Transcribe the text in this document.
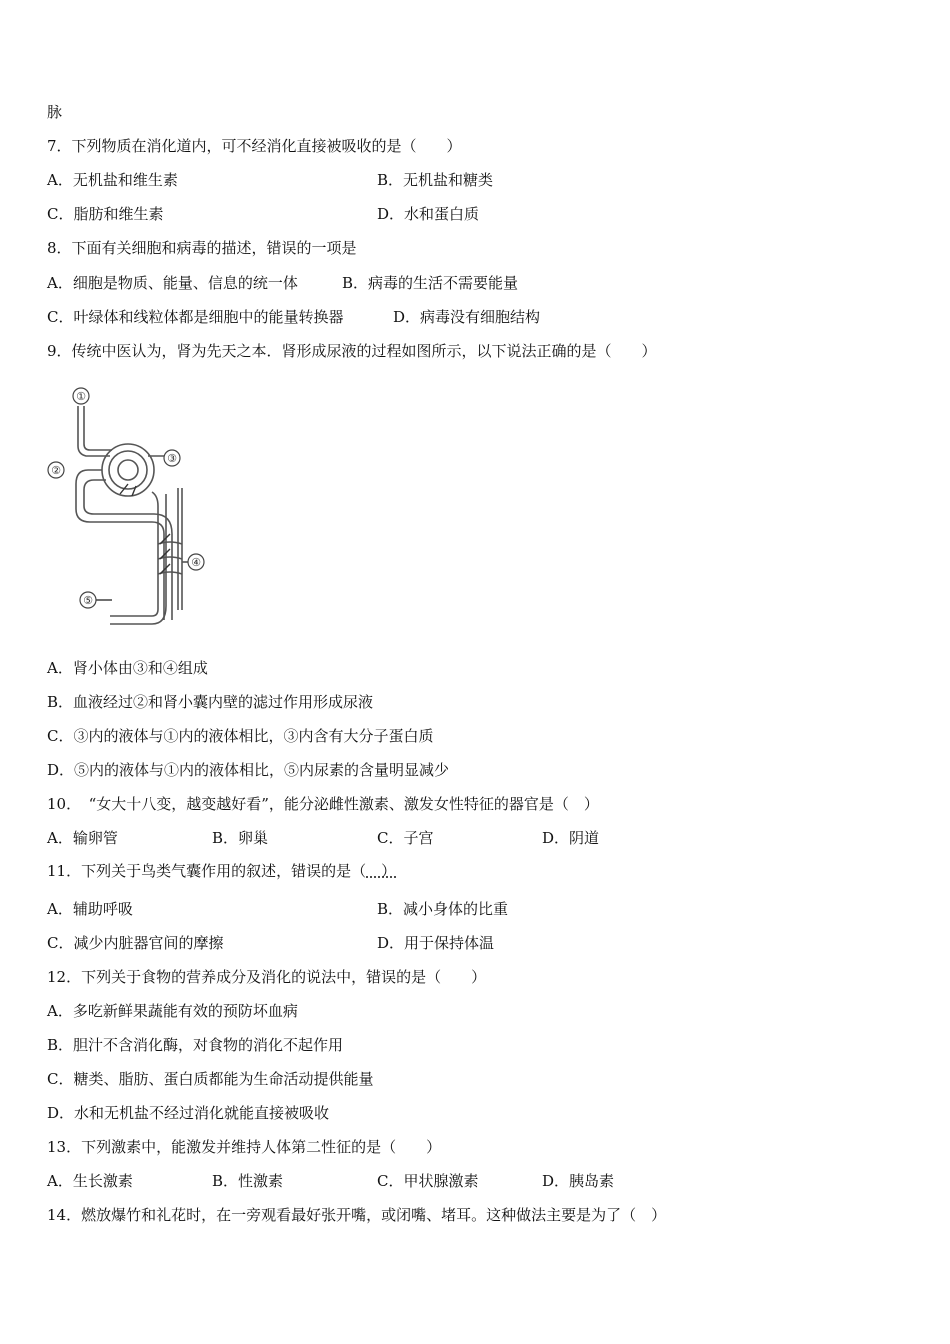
脉
7．下列物质在消化道内，可不经消化直接被吸收的是（　　）
A．无机盐和维生素	B．无机盐和糖类
C．脂肪和维生素	D．水和蛋白质
8．下面有关细胞和病毒的描述，错误的一项是
A．细胞是物质、能量、信息的统一体	B．病毒的生活不需要能量
C．叶绿体和线粒体都是细胞中的能量转换器	D．病毒没有细胞结构
9．传统中医认为，肾为先天之本．肾形成尿液的过程如图所示，以下说法正确的是（　　）
①
②
③
④
⑤
A．肾小体由③和④组成
B．血液经过②和肾小囊内壁的滤过作用形成尿液
C．③内的液体与①内的液体相比，③内含有大分子蛋白质
D．⑤内的液体与①内的液体相比，⑤内尿素的含量明显减少
10．　“女大十八变，越变越好看”，能分泌雌性激素、激发女性特征的器官是（　）
A．输卵管	B．卵巢	C．子宫	D．阴道
11．下列关于鸟类气囊作用的叙述，错误的是（　）
A．辅助呼吸	B．减小身体的比重
C．减少内脏器官间的摩擦	D．用于保持体温
12．下列关于食物的营养成分及消化的说法中，错误的是（　　）
A．多吃新鲜果蔬能有效的预防坏血病
B．胆汁不含消化酶，对食物的消化不起作用
C．糖类、脂肪、蛋白质都能为生命活动提供能量
D．水和无机盐不经过消化就能直接被吸收
13．下列激素中，能激发并维持人体第二性征的是（　　）
A．生长激素	B．性激素	C．甲状腺激素	D．胰岛素
14．燃放爆竹和礼花时，在一旁观看最好张开嘴，或闭嘴、堵耳。这种做法主要是为了（　）
